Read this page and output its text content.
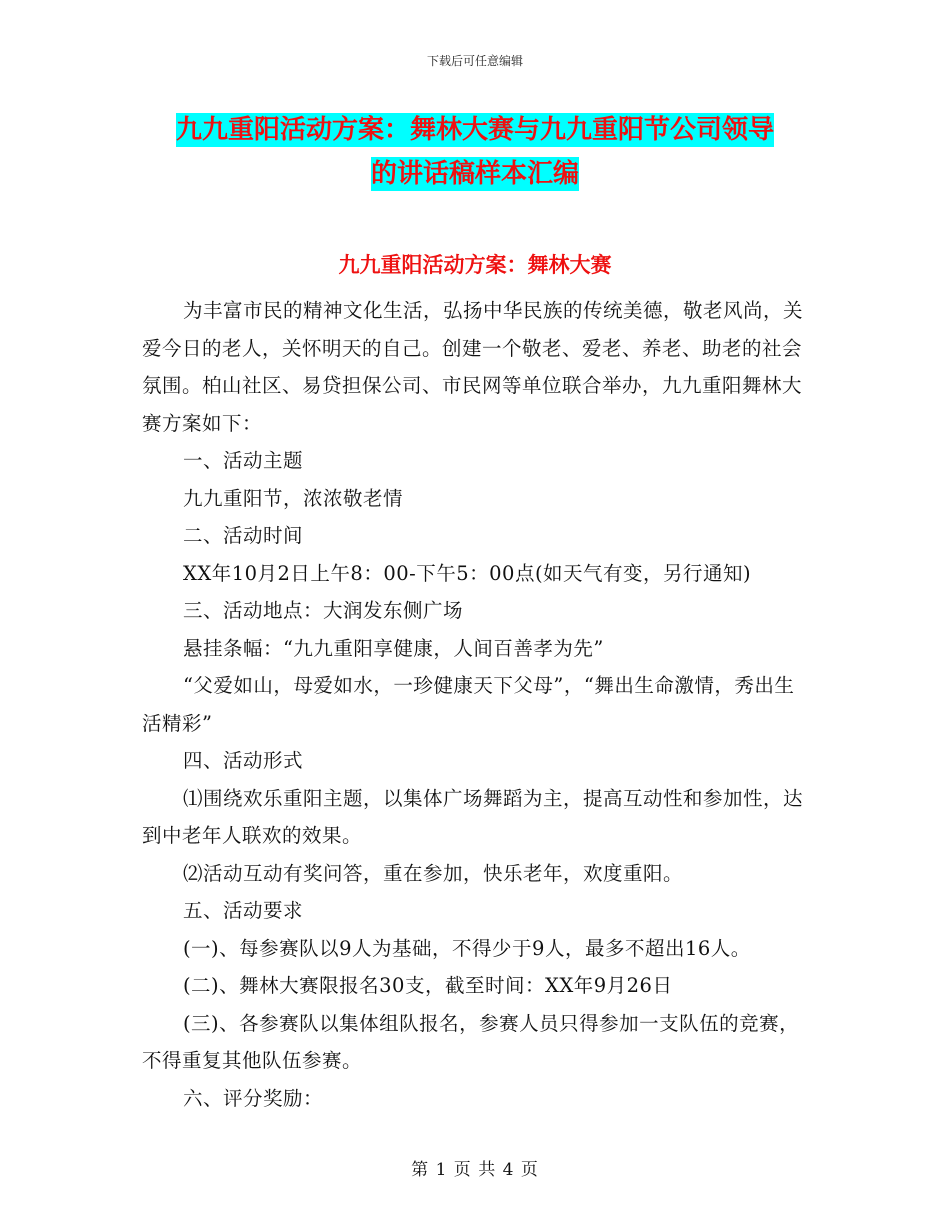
下载后可任意编辑
九九重阳活动方案：舞林大赛与九九重阳节公司领导
的讲话稿样本汇编
九九重阳活动方案：舞林大赛

为丰富市民的精神文化生活，弘扬中华民族的传统美德，敬老风尚，关爱今日的老人，关怀明天的自己。创建一个敬老、爱老、养老、助老的社会氛围。柏山社区、易贷担保公司、市民网等单位联合举办，九九重阳舞林大赛方案如下：

一、活动主题

九九重阳节，浓浓敬老情

二、活动时间

XX年10月2日上午8：00-下午5：00点(如天气有变，另行通知)

三、活动地点：大润发东侧广场

悬挂条幅：“九九重阳享健康，人间百善孝为先”

“父爱如山，母爱如水，一珍健康天下父母”，“舞出生命激情，秀出生活精彩”

四、活动形式

⑴围绕欢乐重阳主题，以集体广场舞蹈为主，提高互动性和参加性，达到中老年人联欢的效果。

⑵活动互动有奖问答，重在参加，快乐老年，欢度重阳。

五、活动要求

(一)、每参赛队以9人为基础，不得少于9人，最多不超出16人。

(二)、舞林大赛限报名30支，截至时间：XX年9月26日

(三)、各参赛队以集体组队报名，参赛人员只得参加一支队伍的竞赛，不得重复其他队伍参赛。

六、评分奖励：

第 1 页 共 4 页
